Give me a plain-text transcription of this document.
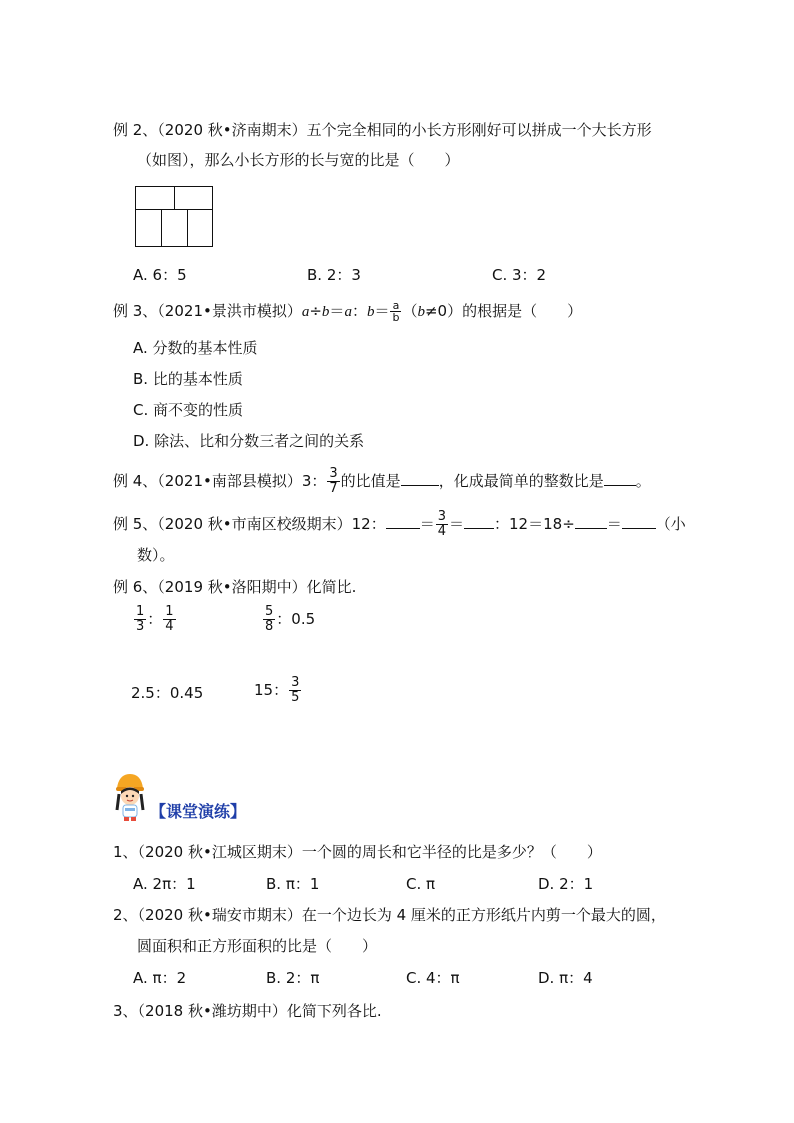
例 2、（2020 秋•济南期末）五个完全相同的小长方形刚好可以拼成一个大长方形
（如图），那么小长方形的长与宽的比是（　　）
A. 6：5	B. 2：3	C. 3：2
例 3、（2021•景洪市模拟）a÷b＝a：$b= \frac{a}{b} (b\ne 0)$的根据是（　　）
A. 分数的基本性质
B. 比的基本性质
C. 商不变的性质
D. 除法、比和分数三者之间的关系
例 4、（2021•南部县模拟）3： $\frac{3}{7}$ 的比值是	，化成最简单的整数比是 。
例 5、（2020 秋•市南区校级期末）12： ＝ $\frac{3}{4}$ ＝ ：12＝18÷ ＝ （小
数）。
例 6、（2019 秋•洛阳期中）化简比.
$\frac{1}{3}$ ： $\frac{1}{4}$	$\frac{5}{8}$ ：0.5
2.5：0.45	15： $\frac{3}{5}$
【课堂演练】
1、（2020 秋•江城区期末）一个圆的周长和它半径的比是多少？（　　）
A. 2π：1	B. π：1	C. π	D. 2：1
2、（2020 秋•瑞安市期末）在一个边长为 4 厘米的正方形纸片内剪一个最大的圆，
圆面积和正方形面积的比是（　　）
A. π：2	B. 2：π	C. 4：π	D. π：4
3、（2018 秋•潍坊期中）化简下列各比.
